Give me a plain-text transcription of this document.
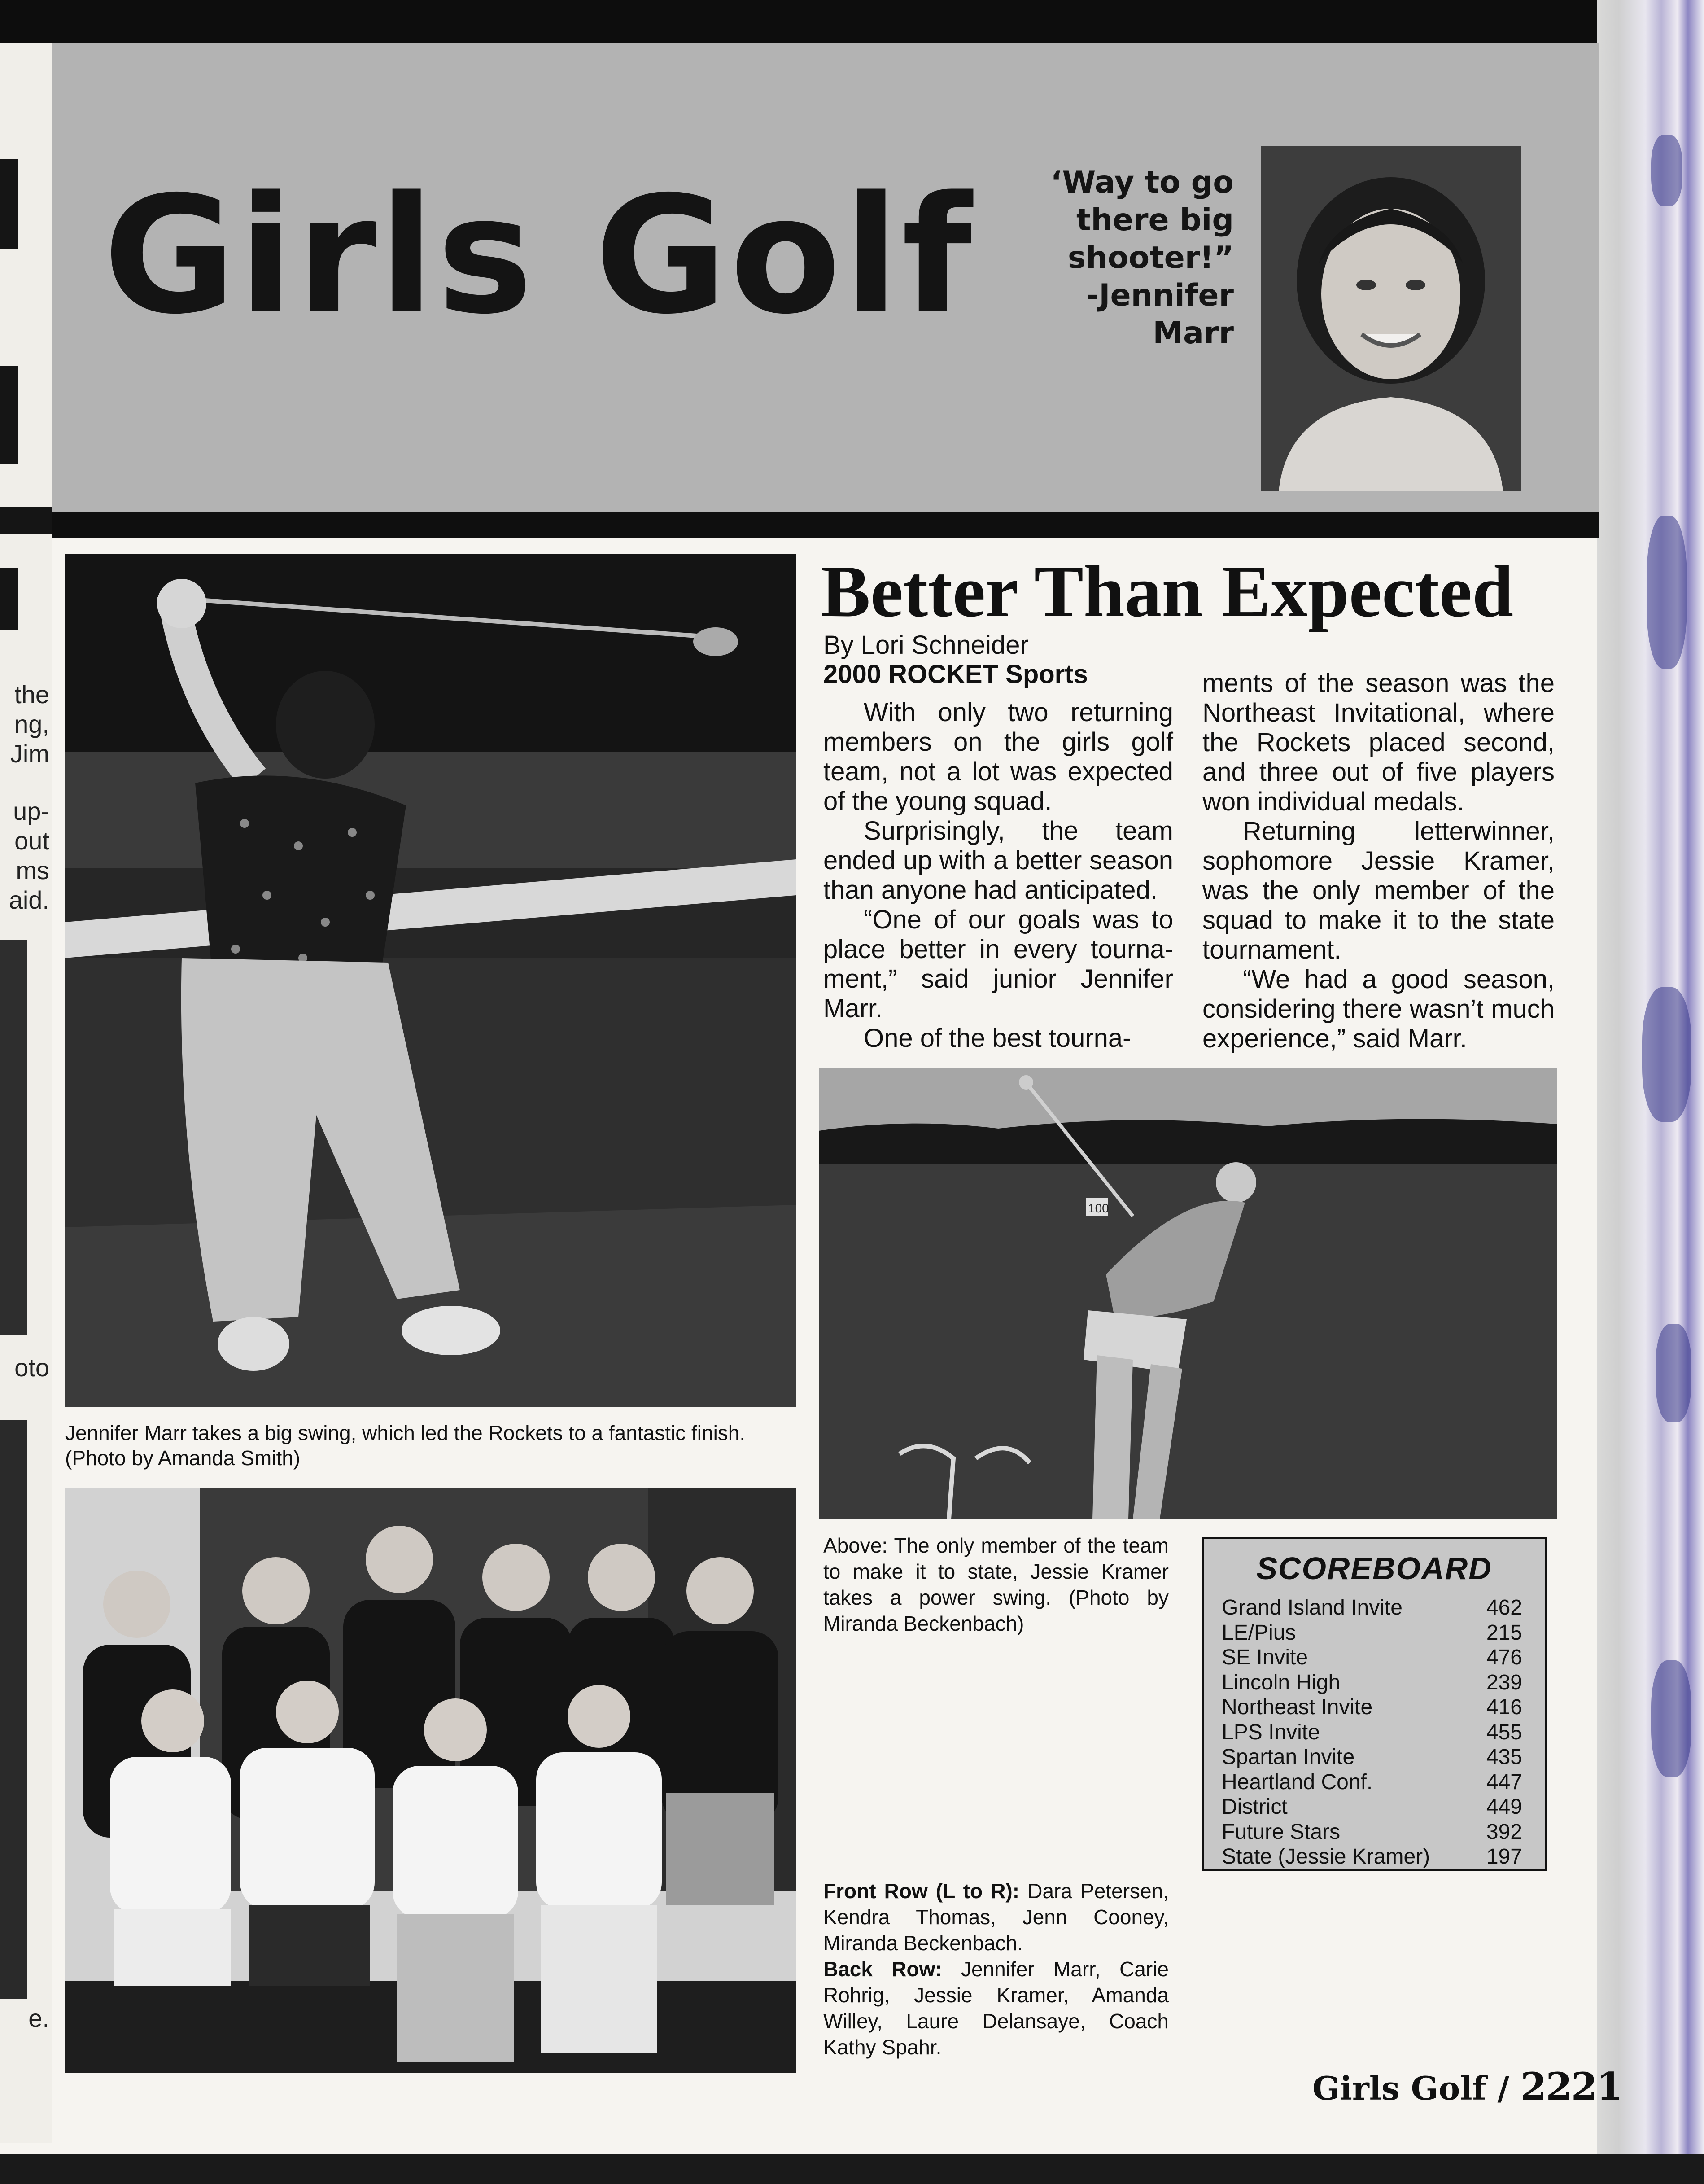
the
ng,
Jim
up-
out
ms
aid.
oto
e.
Girls Golf	ʻWay to go
there big
shooter!ˮ
-Jennifer
Marr
Jennifer Marr takes a big swing, which led the Rockets to a fantastic finish. (Photo by Amanda Smith)
Better Than Expected
By Lori Schneider
2000 ROCKET Sports

With only two returning members on the girls golf team, not a lot was expected of the young squad.

Surprisingly, the team ended up with a better season than anyone had anticipated.

“One of our goals was to place better in every tourna-ment,” said junior Jennifer Marr.

One of the best tourna-

ments of the season was the Northeast Invitational, where the Rockets placed second, and three out of five players won individual medals.

Returning letterwinner, sophomore Jessie Kramer, was the only member of the squad to make it to the state tournament.

“We had a good season, considering there wasn’t much experience,” said Marr.

100
Above: The only member of the team to make it to state, Jessie Kramer takes a power swing. (Photo by Miranda Beckenbach)
Front Row (L to R): Dara Petersen, Kendra Thomas, Jenn Cooney, Miranda Beckenbach.
Back Row: Jennifer Marr, Carie Rohrig, Jessie Kramer, Amanda Willey, Laure Delansaye, Coach Kathy Spahr.
SCOREBOARD
Grand Island Invite	462
LE/Pius	215
SE Invite	476
Lincoln High	239
Northeast Invite	416
LPS Invite	455
Spartan Invite	435
Heartland Conf.	447
District	449
Future Stars	392
State (Jessie Kramer)	197
Girls Golf / 2221
